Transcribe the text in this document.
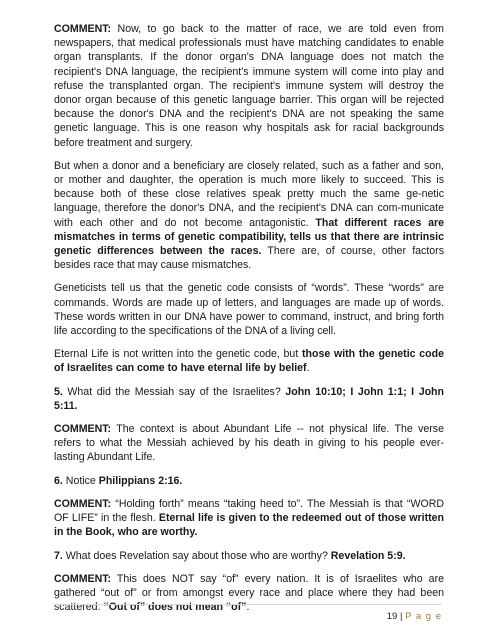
COMMENT: Now, to go back to the matter of race, we are told even from newspapers, that medical professionals must have matching candidates to enable organ transplants. If the donor organ's DNA language does not match the recipient's DNA language, the recipient's immune system will come into play and refuse the transplanted organ. The recipient's immune system will destroy the donor organ because of this genetic language barrier. This organ will be rejected because the donor's DNA and the recipient's DNA are not speaking the same genetic language. This is one reason why hospitals ask for racial backgrounds before treatment and surgery.

But when a donor and a beneficiary are closely related, such as a father and son, or mother and daughter, the operation is much more likely to succeed. This is because both of these close relatives speak pretty much the same ge-netic language, therefore the donor's DNA, and the recipient's DNA can com-municate with each other and do not become antagonistic. That different races are mismatches in terms of genetic compatibility, tells us that there are intrinsic genetic differences between the races. There are, of course, other factors besides race that may cause mismatches.

Geneticists tell us that the genetic code consists of “words”. These “words” are commands. Words are made up of letters, and languages are made up of words. These words written in our DNA have power to command, instruct, and bring forth life according to the specifications of the DNA of a living cell.

Eternal Life is not written into the genetic code, but those with the genetic code of Israelites can come to have eternal life by belief.

5. What did the Messiah say of the Israelites? John 10:10; I John 1:1; I John 5:11.

COMMENT: The context is about Abundant Life -- not physical life. The verse refers to what the Messiah achieved by his death in giving to his people ever-lasting Abundant Life.

6. Notice Philippians 2:16.

COMMENT: “Holding forth” means “taking heed to”. The Messiah is that “WORD OF LIFE” in the flesh. Eternal life is given to the redeemed out of those written in the Book, who are worthy.

7. What does Revelation say about those who are worthy? Revelation 5:9.

COMMENT: This does NOT say “of” every nation. It is of Israelites who are gathered “out of” or from amongst every race and place where they had been scattered. “Out of” does not mean “of”.

19 | P a g e
